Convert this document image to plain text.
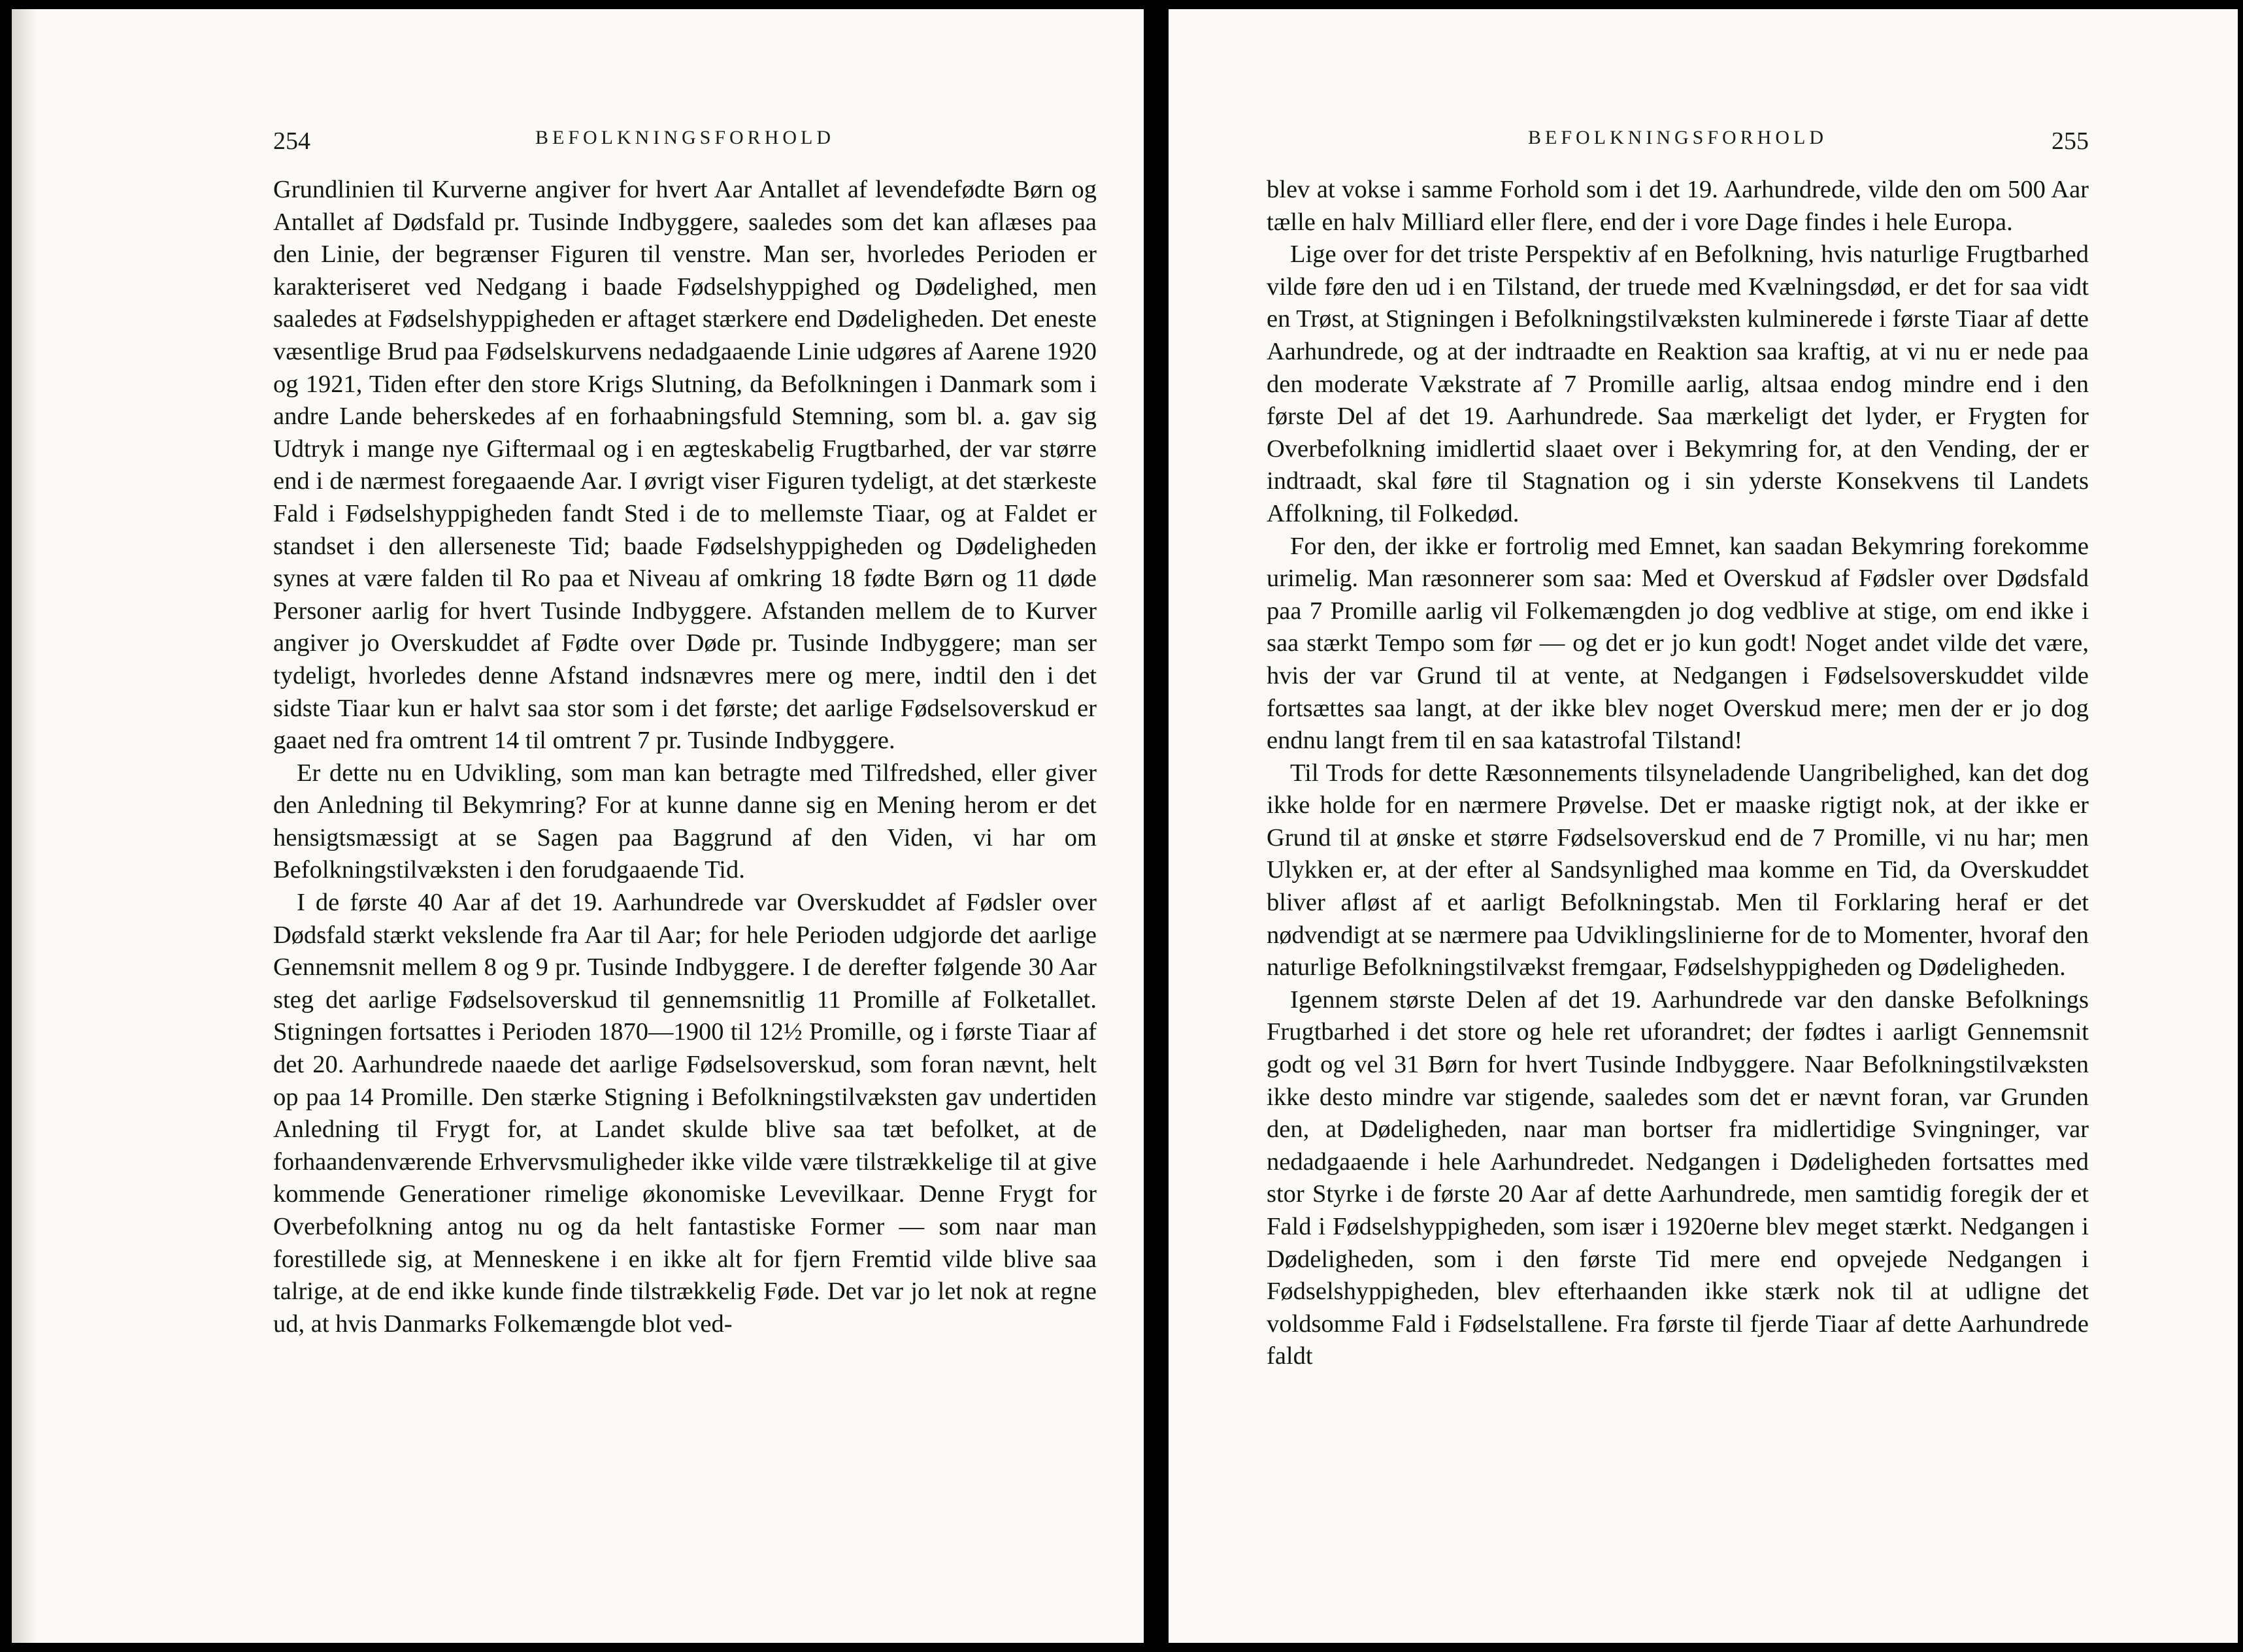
254	BEFOLKNINGSFORHOLD

Grundlinien til Kurverne angiver for hvert Aar Antallet af levendefødte Børn og Antallet af Dødsfald pr. Tusinde Indbyggere, saaledes som det kan aflæses paa den Linie, der begrænser Figuren til venstre. Man ser, hvorledes Perioden er karakteriseret ved Nedgang i baade Fødselshyppighed og Dødelighed, men saaledes at Fødselshyppigheden er aftaget stærkere end Dødeligheden. Det eneste væsentlige Brud paa Fødselskurvens nedadgaaende Linie udgøres af Aarene 1920 og 1921, Tiden efter den store Krigs Slutning, da Befolkningen i Danmark som i andre Lande beherskedes af en forhaabningsfuld Stemning, som bl. a. gav sig Udtryk i mange nye Giftermaal og i en ægteskabelig Frugtbarhed, der var større end i de nærmest foregaaende Aar. I øvrigt viser Figuren tydeligt, at det stærkeste Fald i Fødselshyppigheden fandt Sted i de to mellemste Tiaar, og at Faldet er standset i den allerseneste Tid; baade Fødselshyppigheden og Dødeligheden synes at være falden til Ro paa et Niveau af omkring 18 fødte Børn og 11 døde Personer aarlig for hvert Tusinde Indbyggere. Afstanden mellem de to Kurver angiver jo Overskuddet af Fødte over Døde pr. Tusinde Indbyggere; man ser tydeligt, hvorledes denne Afstand indsnævres mere og mere, indtil den i det sidste Tiaar kun er halvt saa stor som i det første; det aarlige Fødselsoverskud er gaaet ned fra omtrent 14 til omtrent 7 pr. Tusinde Indbyggere.

Er dette nu en Udvikling, som man kan betragte med Tilfredshed, eller giver den Anledning til Bekymring? For at kunne danne sig en Mening herom er det hensigtsmæssigt at se Sagen paa Baggrund af den Viden, vi har om Befolkningstilvæksten i den forudgaaende Tid.

I de første 40 Aar af det 19. Aarhundrede var Overskuddet af Fødsler over Dødsfald stærkt vekslende fra Aar til Aar; for hele Perioden udgjorde det aarlige Gennemsnit mellem 8 og 9 pr. Tusinde Indbyggere. I de derefter følgende 30 Aar steg det aarlige Fødselsoverskud til gennemsnitlig 11 Promille af Folketallet. Stigningen fortsattes i Perioden 1870—1900 til 12½ Promille, og i første Tiaar af det 20. Aarhundrede naaede det aarlige Fødselsoverskud, som foran nævnt, helt op paa 14 Promille. Den stærke Stigning i Befolkningstilvæksten gav undertiden Anledning til Frygt for, at Landet skulde blive saa tæt befolket, at de forhaandenværende Erhvervsmuligheder ikke vilde være tilstrækkelige til at give kommende Generationer rimelige økonomiske Levevilkaar. Denne Frygt for Overbefolkning antog nu og da helt fantastiske Former — som naar man forestillede sig, at Menneskene i en ikke alt for fjern Fremtid vilde blive saa talrige, at de end ikke kunde finde tilstrækkelig Føde. Det var jo let nok at regne ud, at hvis Danmarks Folkemængde blot ved-

BEFOLKNINGSFORHOLD	255

blev at vokse i samme Forhold som i det 19. Aarhundrede, vilde den om 500 Aar tælle en halv Milliard eller flere, end der i vore Dage findes i hele Europa.

Lige over for det triste Perspektiv af en Befolkning, hvis naturlige Frugtbarhed vilde føre den ud i en Tilstand, der truede med Kvælningsdød, er det for saa vidt en Trøst, at Stigningen i Befolkningstilvæksten kulminerede i første Tiaar af dette Aarhundrede, og at der indtraadte en Reaktion saa kraftig, at vi nu er nede paa den moderate Vækstrate af 7 Promille aarlig, altsaa endog mindre end i den første Del af det 19. Aarhundrede. Saa mærkeligt det lyder, er Frygten for Overbefolkning imidlertid slaaet over i Bekymring for, at den Vending, der er indtraadt, skal føre til Stagnation og i sin yderste Konsekvens til Landets Affolkning, til Folkedød.

For den, der ikke er fortrolig med Emnet, kan saadan Bekymring forekomme urimelig. Man ræsonnerer som saa: Med et Overskud af Fødsler over Dødsfald paa 7 Promille aarlig vil Folkemængden jo dog vedblive at stige, om end ikke i saa stærkt Tempo som før — og det er jo kun godt! Noget andet vilde det være, hvis der var Grund til at vente, at Nedgangen i Fødselsoverskuddet vilde fortsættes saa langt, at der ikke blev noget Overskud mere; men der er jo dog endnu langt frem til en saa katastrofal Tilstand!

Til Trods for dette Ræsonnements tilsyneladende Uangribelighed, kan det dog ikke holde for en nærmere Prøvelse. Det er maaske rigtigt nok, at der ikke er Grund til at ønske et større Fødselsoverskud end de 7 Promille, vi nu har; men Ulykken er, at der efter al Sandsynlighed maa komme en Tid, da Overskuddet bliver afløst af et aarligt Befolkningstab. Men til Forklaring heraf er det nødvendigt at se nærmere paa Udviklingslinierne for de to Momenter, hvoraf den naturlige Befolkningstilvækst fremgaar, Fødselshyppigheden og Dødeligheden.

Igennem største Delen af det 19. Aarhundrede var den danske Befolknings Frugtbarhed i det store og hele ret uforandret; der fødtes i aarligt Gennemsnit godt og vel 31 Børn for hvert Tusinde Indbyggere. Naar Befolkningstilvæksten ikke desto mindre var stigende, saaledes som det er nævnt foran, var Grunden den, at Dødeligheden, naar man bortser fra midlertidige Svingninger, var nedadgaaende i hele Aarhundredet. Nedgangen i Dødeligheden fortsattes med stor Styrke i de første 20 Aar af dette Aarhundrede, men samtidig foregik der et Fald i Fødselshyppigheden, som især i 1920erne blev meget stærkt. Nedgangen i Dødeligheden, som i den første Tid mere end opvejede Nedgangen i Fødselshyppigheden, blev efterhaanden ikke stærk nok til at udligne det voldsomme Fald i Fødselstallene. Fra første til fjerde Tiaar af dette Aarhundrede faldt
